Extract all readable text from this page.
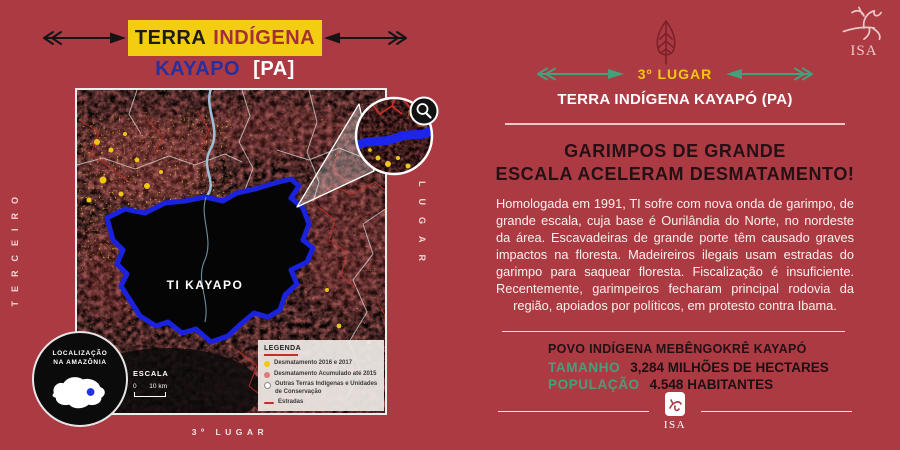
TERRA INDÍGENA
KAYAPO [PA]
TI KAYAPO
LEGENDA
Desmatamento 2016 e 2017
Desmatamento Acumulado até 2015
Outras Terras Indígenas e Unidades de Conservação
Estradas
ESCALA
0 10 km
LOCALIZAÇÃO
NA AMAZÔNIA
TERCEIRO	LUGAR
3º LUGAR
ISA
3º LUGAR
TERRA INDÍGENA KAYAPÓ (PA)
GARIMPOS DE GRANDE
ESCALA ACELERAM DESMATAMENTO!

Homologada em 1991, TI sofre com nova onda de garimpo, de grande escala, cuja base é Ourilândia do Norte, no nordeste da área. Escavadeiras de grande porte têm causado graves impactos na floresta. Madeireiros ilegais usam estradas do garimpo para saquear floresta. Fiscalização é insuficiente. Recentemente, garimpeiros fecharam principal rodovia da região, apoiados por políticos, em protesto contra Ibama.

POVO INDÍGENA MEBÊNGOKRÊ KAYAPÓ
TAMANHO 3,284 MILHÕES DE HECTARES
POPULAÇÃO 4.548 HABITANTES
ISA
